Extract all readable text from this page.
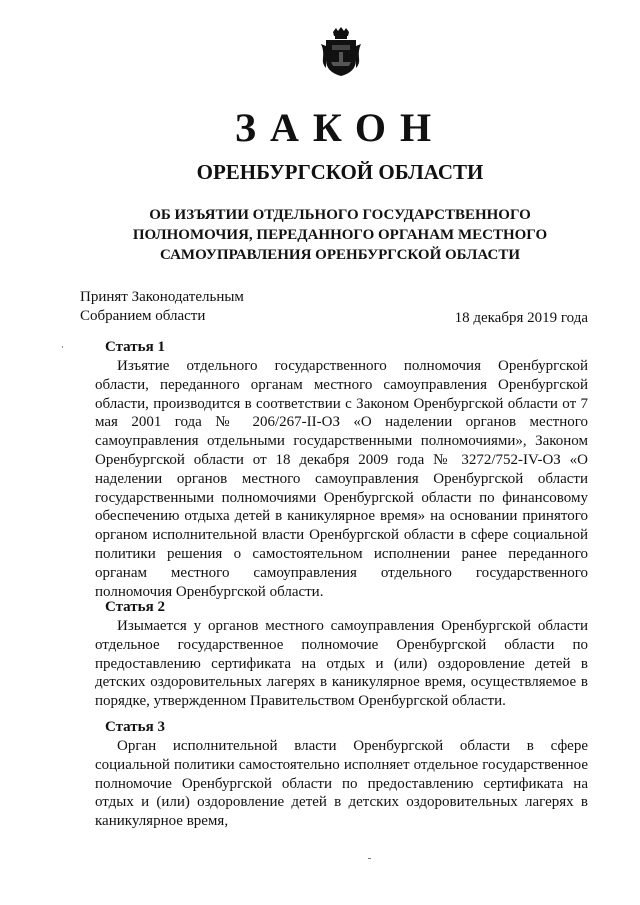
ЗАКОН
ОРЕНБУРГСКОЙ ОБЛАСТИ
ОБ ИЗЪЯТИИ ОТДЕЛЬНОГО ГОСУДАРСТВЕННОГО
ПОЛНОМОЧИЯ, ПЕРЕДАННОГО ОРГАНАМ МЕСТНОГО
САМОУПРАВЛЕНИЯ ОРЕНБУРГСКОЙ ОБЛАСТИ
Принят Законодательным
Собранием области	18 декабря 2019 года
Статья 1

Изъятие отдельного государственного полномочия Оренбургской области, переданного органам местного самоуправления Оренбургской области, производится в соответствии с Законом Оренбургской области от 7 мая 2001 года № 206/267-II-ОЗ «О наделении органов местного самоуправления отдельными государственными полномочиями», Законом Оренбургской области от 18 декабря 2009 года № 3272/752-IV-ОЗ «О наделении органов местного самоуправления Оренбургской области государственными полномочиями Оренбургской области по финансовому обеспечению отдыха детей в каникулярное время» на основании принятого органом исполнительной власти Оренбургской области в сфере социальной политики решения о самостоятельном исполнении ранее переданного органам местного самоуправления отдельного государственного полномочия Оренбургской области.

Статья 2

Изымается у органов местного самоуправления Оренбургской области отдельное государственное полномочие Оренбургской области по предоставлению сертификата на отдых и (или) оздоровление детей в детских оздоровительных лагерях в каникулярное время, осуществляемое в порядке, утвержденном Правительством Оренбургской области.

Статья 3

Орган исполнительной власти Оренбургской области в сфере социальной политики самостоятельно исполняет отдельное государственное полномочие Оренбургской области по предоставлению сертификата на отдых и (или) оздоровление детей в детских оздоровительных лагерях в каникулярное время,
